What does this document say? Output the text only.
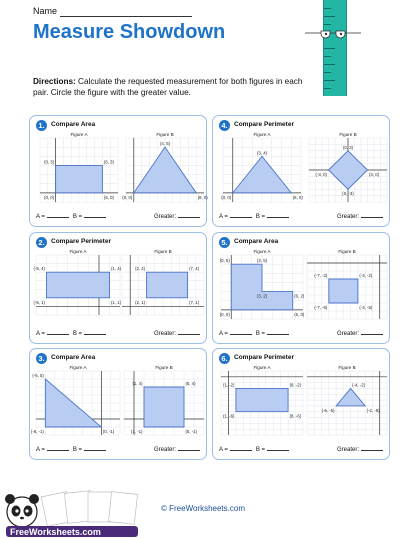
Name
Measure Showdown
Directions: Calculate the requested measurement for both figures in each pair. Circle the figure with the greater value.
1. Compare Area
Figure A
(0, 3)	(6, 3)
(0, 0)	(6, 0)
Figure B
(4, 5)
(0, 0)	(8, 0)
A =	B =	Greater:
4. Compare Perimeter
Figure A
(3, 4)
(0, 0)	(6, 0)
Figure B
(0, 3)
(-3, 0)	(3, 0)
(0, -3)
A =	B =	Greater:
2. Compare Perimeter
Figure A
(-5, 4)	(1, 4)
(-5, 1)	(1, 1)
Figure B
(2, 4)	(7, 4)
(2, 1)	(7, 1)
A =	B =	Greater:
5. Compare Area
Figure A
(0, 5)	(3, 5)
(3, 2)	(6, 2)
(0, 0)	(6, 0)
Figure B
(-7, -2)	(-3, -2)
(-7, -5)	(-3, -5)
A =	B =	Greater:
3. Compare Area
Figure A
(-6, 5)
(-6, -1)	(0, -1)
Figure B
(1, 4)	(5, 4)
(1, -1)	(5, -1)
A =	B =	Greater:
6. Compare Perimeter
Figure A
(1, -2)	(8, -2)
(1, -6)	(8, -6)
Figure B
(-4, -2)
(-6, -5)	(-2, -5)
A =	B =	Greater:
FreeWorksheets.com
© FreeWorksheets.com
